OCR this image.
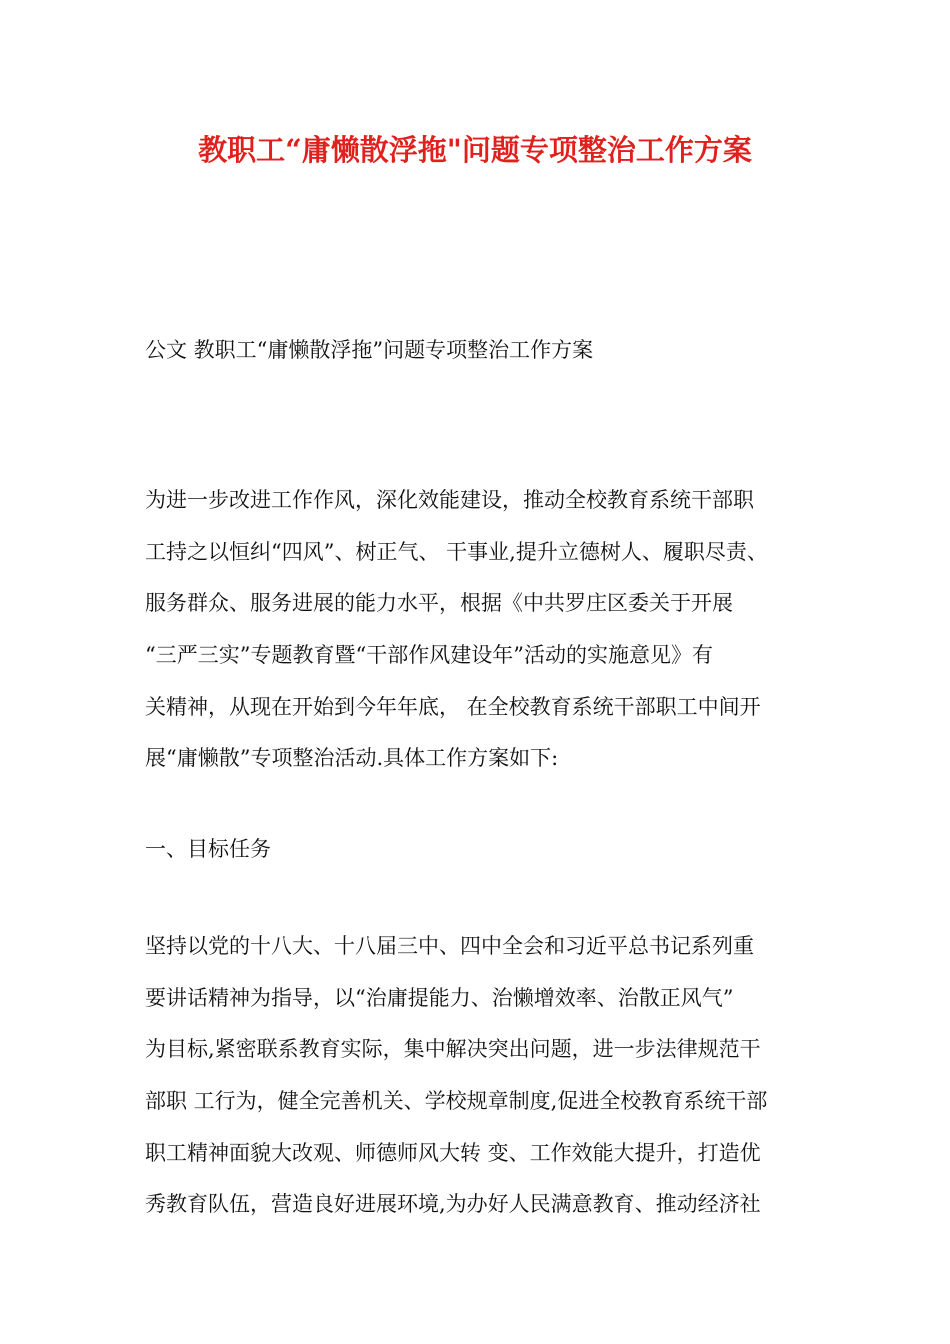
教职工“庸懒散浮拖"问题专项整治工作方案
公文 教职工“庸懒散浮拖”问题专项整治工作方案
为进一步改进工作作风，深化效能建设，推动全校教育系统干部职
工持之以恒纠“四风”、树正气、 干事业,提升立德树人、履职尽责、
服务群众、服务进展的能力水平，根据《中共罗庄区委关于开展
“三严三实”专题教育暨“干部作风建设年”活动的实施意见》有
关精神，从现在开始到今年年底， 在全校教育系统干部职工中间开
展“庸懒散”专项整治活动.具体工作方案如下:
一、目标任务
坚持以党的十八大、十八届三中、四中全会和习近平总书记系列重
要讲话精神为指导，以“治庸提能力、治懒增效率、治散正风气”
为目标,紧密联系教育实际，集中解决突出问题，进一步法律规范干
部职 工行为，健全完善机关、学校规章制度,促进全校教育系统干部
职工精神面貌大改观、师德师风大转 变、工作效能大提升，打造优
秀教育队伍，营造良好进展环境,为办好人民满意教育、推动经济社
